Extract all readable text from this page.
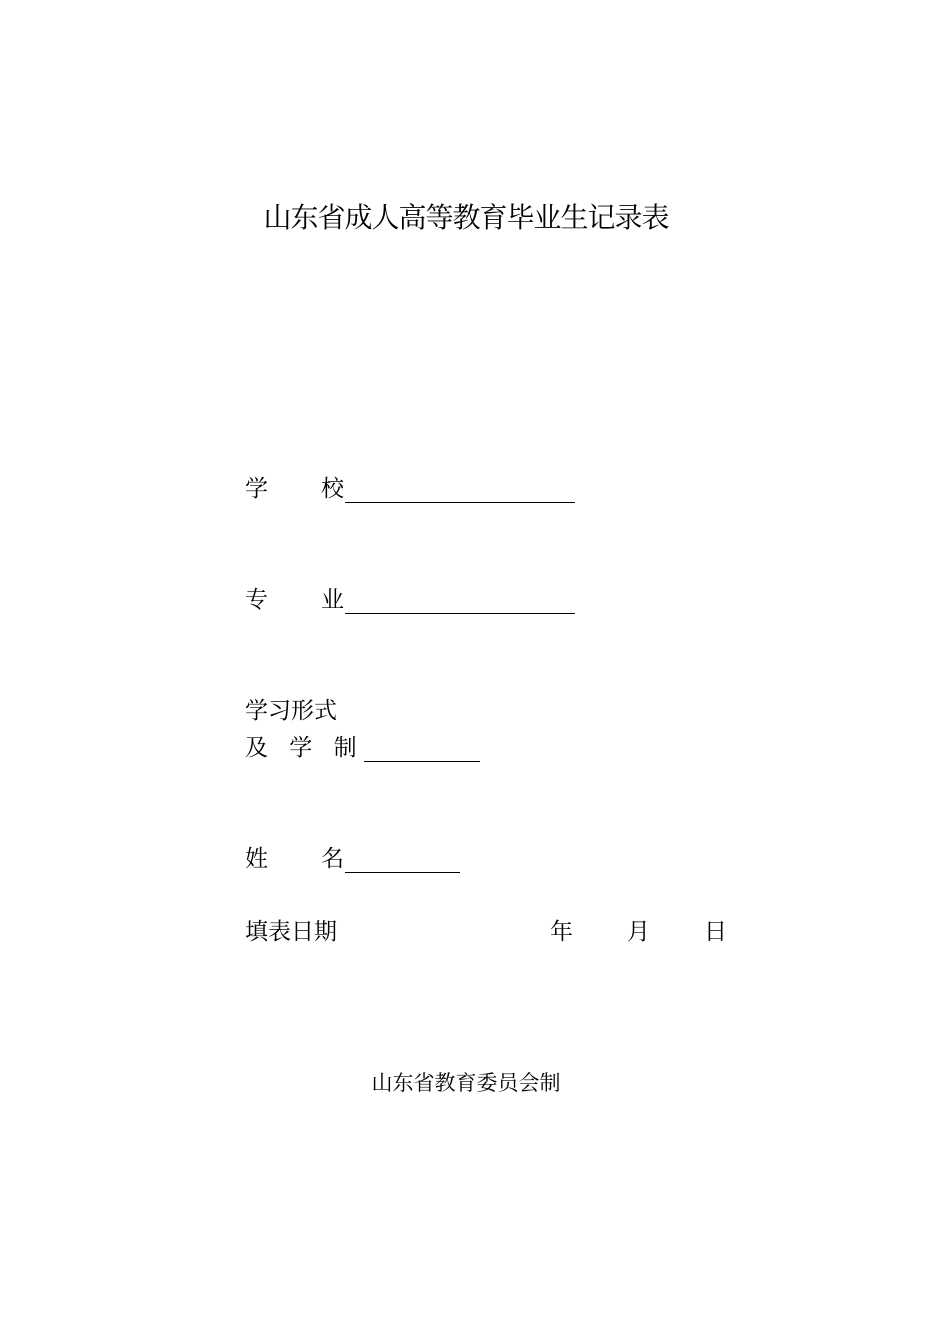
山东省成人高等教育毕业生记录表
学 校
专 业
学习形式
及 学 制
姓 名
填表日期	年	月	日
山东省教育委员会制
